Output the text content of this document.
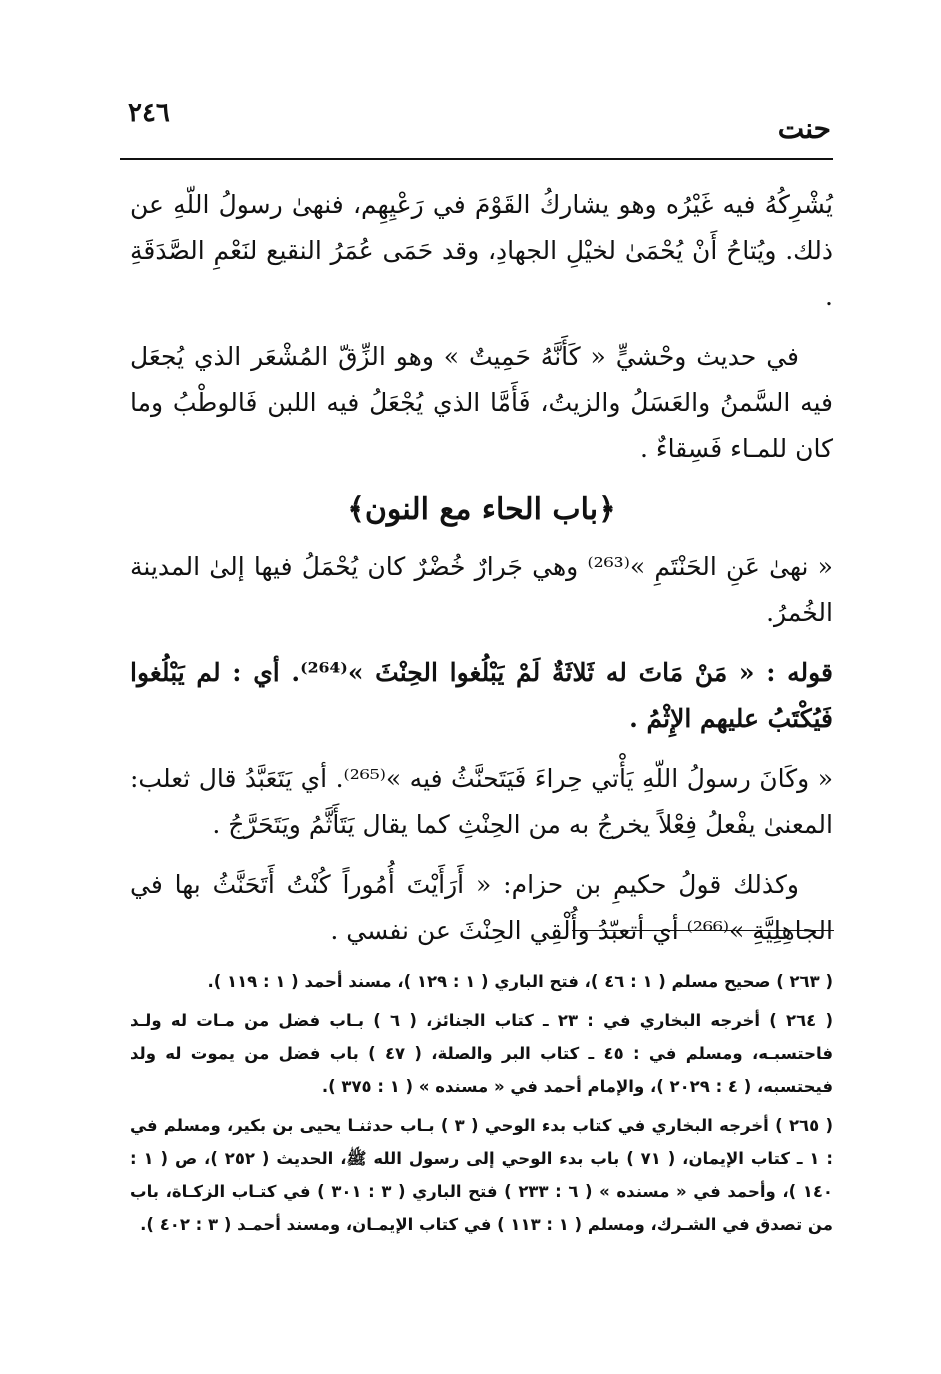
٢٤٦	حنت

يُشْرِكُهُ فيه غَيْرُه وهو يشاركُ القَوْمَ في رَعْيِهِم، فنهىٰ رسولُ اللّهِ عن ذلك. ويُتاحُ أَنْ يُحْمَىٰ لخيْلِ الجهادِ، وقد حَمَى عُمَرُ النقيع لنَعْمِ الصَّدَقَةِ .

في حديث وحْشيٍّ « كَأَنَّهُ حَمِيتٌ » وهو الزِّقّ المُشْعَر الذي يُجعَل فيه السَّمنُ والعَسَلُ والزيتُ، فَأَمَّا الذي يُجْعَلُ فيه اللبن فَالوطْبُ وما كان للمـاء فَسِقاءٌ .

﴿باب الحاء مع النون﴾

« نهىٰ عَنِ الحَنْتَمِ »⁽²⁶³⁾ وهي جَرارٌ خُضْرٌ كان يُحْمَلُ فيها إلىٰ المدينة الخُمرُ.

قوله : « مَنْ مَاتَ له ثَلاثَةٌ لَمْ يَبْلُغوا الحِنْثَ »⁽²⁶⁴⁾. أي : لم يَبْلُغوا فَيُكْتَبُ عليهم الإِثْمُ .

« وكَانَ رسولُ اللّهِ يَأْتي حِراءَ فَيَتَحنَّثُ فيه »⁽²⁶⁵⁾. أي يَتَعَبَّدُ قال ثعلب: المعنىٰ يفْعلُ فِعْلاً يخرجُ به من الحِنْثِ كما يقال يَتَأَثَّمُ ويَتَحَرَّجُ .

وكذلك قولُ حكيمِ بن حزام: « أَرَأَيْتَ أُمُوراً كُنْتُ أَتَحَنَّثُ بها في الجاهِلِيَّةِ »⁽²⁶⁶⁾ أي أتعبّدُ وأُلْقِي الحِنْثَ عن نفسي .

( ٢٦٣ ) صحيح مسلم ( ١ : ٤٦ )، فتح الباري ( ١ : ١٢٩ )، مسند أحمد ( ١ : ١١٩ ).

( ٢٦٤ ) أخرجه البخاري في : ٢٣ ـ كتاب الجنائز، ( ٦ ) بـاب فضل من مـات له ولـد فاحتسبـه، ومسلم في : ٤٥ ـ كتاب البر والصلة، ( ٤٧ ) باب فضل من يموت له ولد فيحتسبه، ( ٤ : ٢٠٢٩ )، والإمام أحمد في « مسنده » ( ١ : ٣٧٥ ).

( ٢٦٥ ) أخرجه البخاري في كتاب بدء الوحي ( ٣ ) بـاب حدثنـا يحيى بن بكير، ومسلم في : ١ ـ كتاب الإيمان، ( ٧١ ) باب بدء الوحي إلى رسول الله ﷺ، الحديث ( ٢٥٢ )، ص ( ١ : ١٤٠ )، وأحمد في « مسنده » ( ٦ : ٢٣٣ ) فتح الباري ( ٣ : ٣٠١ ) في كتـاب الزكـاة، باب من تصدق في الشـرك، ومسلم ( ١ : ١١٣ ) في كتاب الإيمـان، ومسند أحمـد ( ٣ : ٤٠٢ ).
